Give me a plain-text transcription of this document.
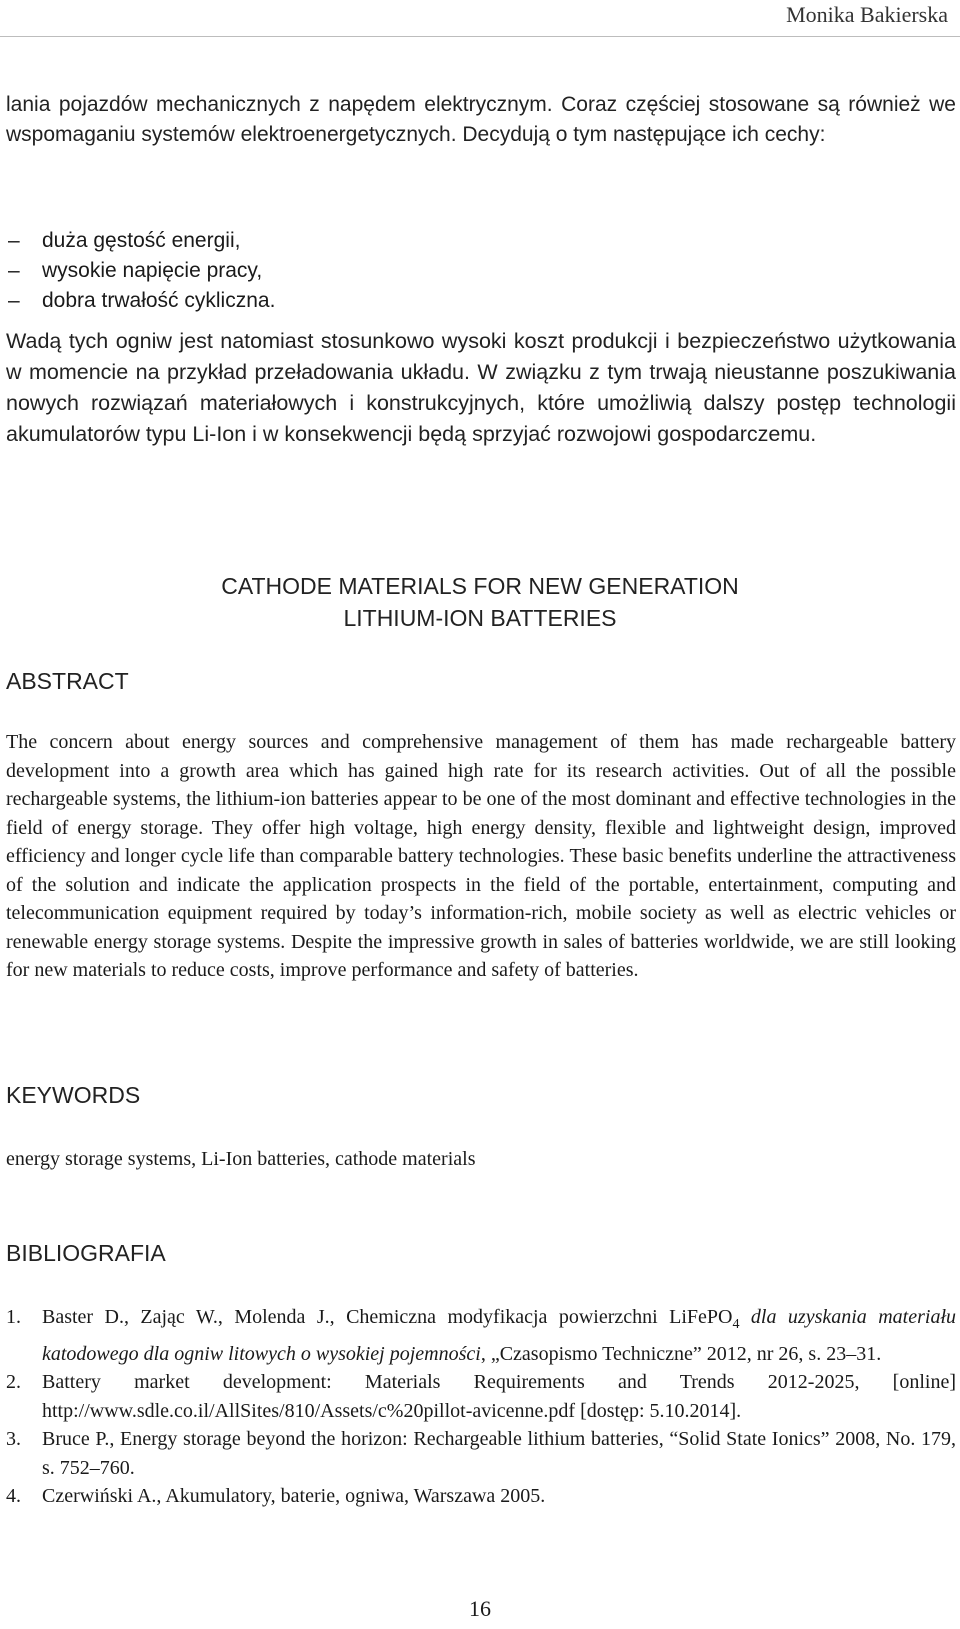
Monika Bakierska

lania pojazdów mechanicznych z napędem elektrycznym. Coraz częściej stosowane są również we wspomaganiu systemów elektroenergetycznych. Decydują o tym następujące ich cechy:

– duża gęstość energii,
– wysokie napięcie pracy,
– dobra trwałość cykliczna.

Wadą tych ogniw jest natomiast stosunkowo wysoki koszt produkcji i bezpieczeństwo użytkowania w momencie na przykład przeładowania układu. W związku z tym trwają nieustanne poszukiwania nowych rozwiązań materiałowych i konstrukcyjnych, które umożliwią dalszy postęp technologii akumulatorów typu Li-Ion i w konsekwencji będą sprzyjać rozwojowi gospodarczemu.

CATHODE MATERIALS FOR NEW GENERATION
LITHIUM-ION BATTERIES
ABSTRACT

The concern about energy sources and comprehensive management of them has made rechargeable battery development into a growth area which has gained high rate for its research activities. Out of all the possible rechargeable systems, the lithium-ion batteries appear to be one of the most dominant and effective technologies in the field of energy storage. They offer high voltage, high energy density, flexible and lightweight design, improved efficiency and longer cycle life than comparable battery technologies. These basic benefits underline the attractiveness of the solution and indicate the application prospects in the field of the portable, entertainment, computing and telecommunication equipment required by today’s information-rich, mobile society as well as electric vehicles or renewable energy storage systems. Despite the impressive growth in sales of batteries worldwide, we are still looking for new materials to reduce costs, improve performance and safety of batteries.

KEYWORDS
energy storage systems, Li-Ion batteries, cathode materials
BIBLIOGRAFIA
1. Baster D., Zając W., Molenda J., Chemiczna modyfikacja powierzchni LiFePO$_4$ dla uzyskania materiału katodowego dla ogniw litowych o wysokiej pojemności, „Czasopismo Techniczne” 2012, nr 26, s. 23–31.
2. Battery market development: Materials Requirements and Trends 2012-2025, [online] http://www.sdle.co.il/AllSites/810/Assets/c%20pillot-avicenne.pdf [dostęp: 5.10.2014].
3. Bruce P., Energy storage beyond the horizon: Rechargeable lithium batteries, “Solid State Ionics” 2008, No. 179, s. 752–760.
4. Czerwiński A., Akumulatory, baterie, ogniwa, Warszawa 2005.
16
